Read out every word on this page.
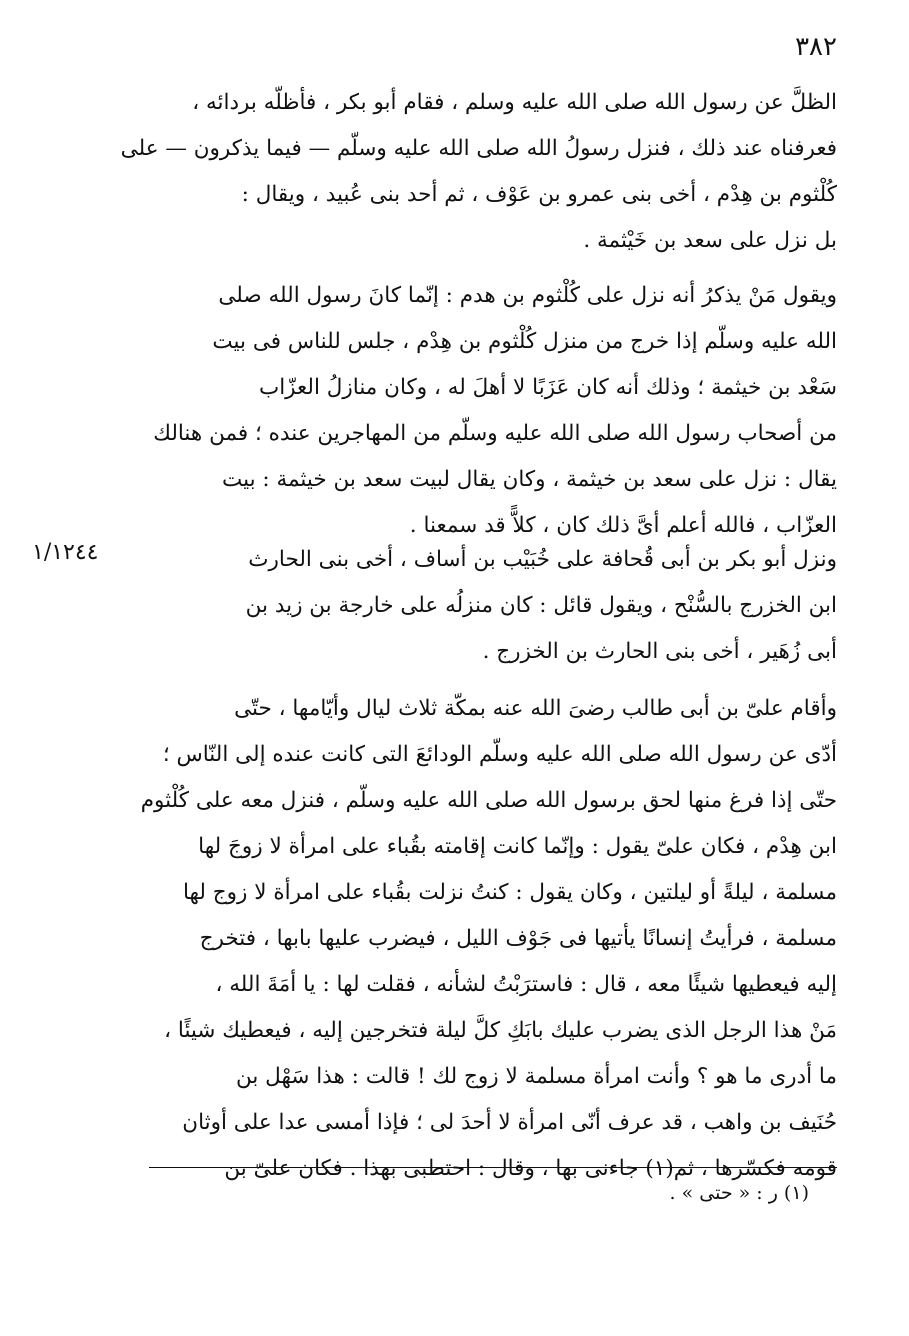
٣٨٢
الظلَّ عن رسول الله صلى الله عليه وسلم ، فقام أبو بكر ، فأظلّه بردائه ،
فعرفناه عند ذلك ، فنزل رسولُ الله صلى الله عليه وسلّم — فيما يذكرون — على
كُلْثوم بن هِدْم ، أخى بنى عمرو بن عَوْف ، ثم أحد بنى عُبيد ، ويقال :
بل نزل على سعد بن خَيْثمة .
ويقول مَنْ يذكرُ أنه نزل على كُلْثوم بن هدم : إنّما كانَ رسول الله صلى
الله عليه وسلّم إذا خرج من منزل كُلْثوم بن هِدْم ، جلس للناس فى بيت
سَعْد بن خيثمة ؛ وذلك أنه كان عَزَبًا لا أهلَ له ، وكان منازلُ العزّاب
من أصحاب رسول الله صلى الله عليه وسلّم من المهاجرين عنده ؛ فمن هنالك
يقال : نزل على سعد بن خيثمة ، وكان يقال لبيت سعد بن خيثمة : بيت
العزّاب ، فالله أعلم أىَّ ذلك كان ، كلاًّ قد سمعنا .
١/١٢٤٤	ونزل أبو بكر بن أبى قُحافة على خُبَيْب بن أساف ، أخى بنى الحارث
ابن الخزرج بالسُّنْح ، ويقول قائل : كان منزلُه على خارجة بن زيد بن
أبى زُهَير ، أخى بنى الحارث بن الخزرج .
وأقام علىّ بن أبى طالب رضىَ الله عنه بمكّة ثلاث ليال وأيّامها ، حتّى
أدّى عن رسول الله صلى الله عليه وسلّم الودائعَ التى كانت عنده إلى النّاس ؛
حتّى إذا فرغ منها لحق برسول الله صلى الله عليه وسلّم ، فنزل معه على كُلْثوم
ابن هِدْم ، فكان علىّ يقول : وإنّما كانت إقامته بقُباء على امرأة لا زوجَ لها
مسلمة ، ليلةً أو ليلتين ، وكان يقول : كنتُ نزلت بقُباء على امرأة لا زوج لها
مسلمة ، فرأيتُ إنسانًا يأتيها فى جَوْف الليل ، فيضرب عليها بابها ، فتخرج
إليه فيعطيها شيئًا معه ، قال : فاسترَبْتُ لشأنه ، فقلت لها : يا أمَةَ الله ،
مَنْ هذا الرجل الذى يضرب عليك بابَكِ كلَّ ليلة فتخرجين إليه ، فيعطيك شيئًا ،
ما أدرى ما هو ؟ وأنت امرأة مسلمة لا زوج لك ! قالت : هذا سَهْل بن
حُنَيف بن واهب ، قد عرف أنّى امرأة لا أحدَ لى ؛ فإذا أمسى عدا على أوثان
قومه فكسّرها ، ثم(١) جاءنى بها ، وقال : احتطبى بهذا . فكان علىّ بن
(١) ر : « حتى » .
